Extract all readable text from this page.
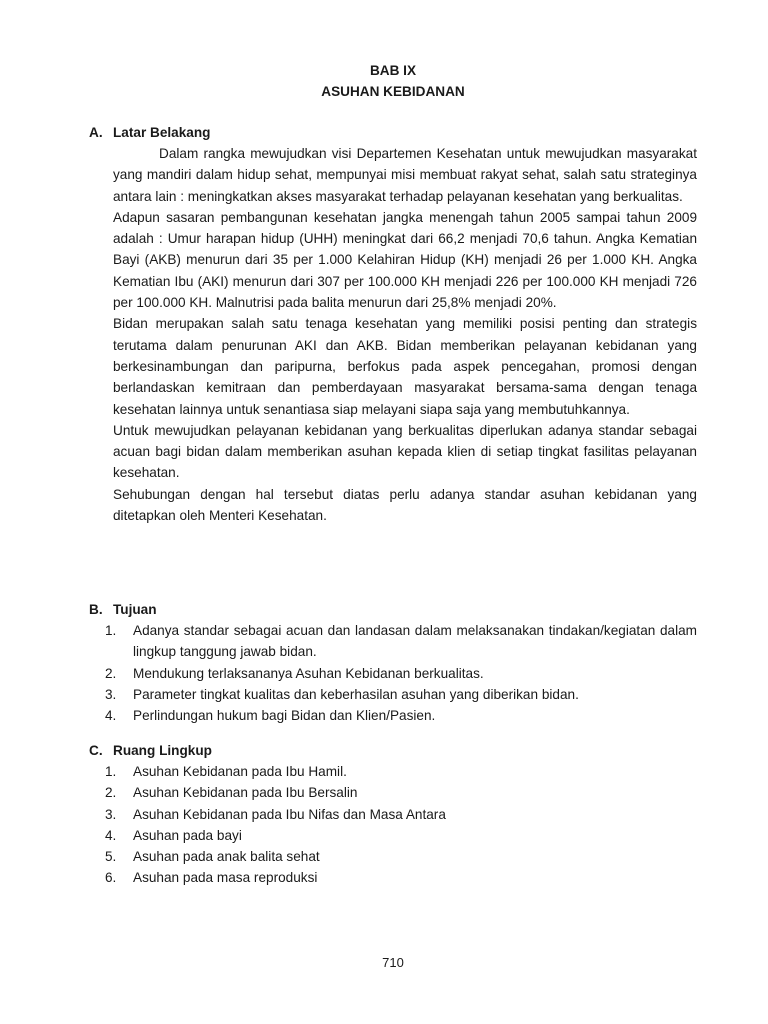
BAB IX
ASUHAN KEBIDANAN
A. Latar Belakang

Dalam rangka mewujudkan visi Departemen Kesehatan untuk mewujudkan masyarakat yang mandiri dalam hidup sehat, mempunyai misi membuat rakyat sehat, salah satu strateginya antara lain : meningkatkan akses masyarakat terhadap pelayanan kesehatan yang berkualitas.

Adapun sasaran pembangunan kesehatan jangka menengah tahun 2005 sampai tahun 2009 adalah : Umur harapan hidup (UHH) meningkat dari 66,2 menjadi 70,6 tahun. Angka Kematian Bayi (AKB) menurun dari 35 per 1.000 Kelahiran Hidup (KH) menjadi 26 per 1.000 KH. Angka Kematian Ibu (AKI) menurun dari 307 per 100.000 KH menjadi 226 per 100.000 KH menjadi 726 per 100.000 KH. Malnutrisi pada balita menurun dari 25,8% menjadi 20%.

Bidan merupakan salah satu tenaga kesehatan yang memiliki posisi penting dan strategis terutama dalam penurunan AKI dan AKB. Bidan memberikan pelayanan kebidanan yang berkesinambungan dan paripurna, berfokus pada aspek pencegahan, promosi dengan berlandaskan kemitraan dan pemberdayaan masyarakat bersama-sama dengan tenaga kesehatan lainnya untuk senantiasa siap melayani siapa saja yang membutuhkannya.

Untuk mewujudkan pelayanan kebidanan yang berkualitas diperlukan adanya standar sebagai acuan bagi bidan dalam memberikan asuhan kepada klien di setiap tingkat fasilitas pelayanan kesehatan.

Sehubungan dengan hal tersebut diatas perlu adanya standar asuhan kebidanan yang ditetapkan oleh Menteri Kesehatan.

B. Tujuan
1. Adanya standar sebagai acuan dan landasan dalam melaksanakan tindakan/kegiatan dalam lingkup tanggung jawab bidan.
2. Mendukung terlaksananya Asuhan Kebidanan berkualitas.
3. Parameter tingkat kualitas dan keberhasilan asuhan yang diberikan bidan.
4. Perlindungan hukum bagi Bidan dan Klien/Pasien.
C. Ruang Lingkup
1. Asuhan Kebidanan pada Ibu Hamil.
2. Asuhan Kebidanan pada Ibu Bersalin
3. Asuhan Kebidanan pada Ibu Nifas dan Masa Antara
4. Asuhan pada bayi
5. Asuhan pada anak balita sehat
6. Asuhan pada masa reproduksi
710
